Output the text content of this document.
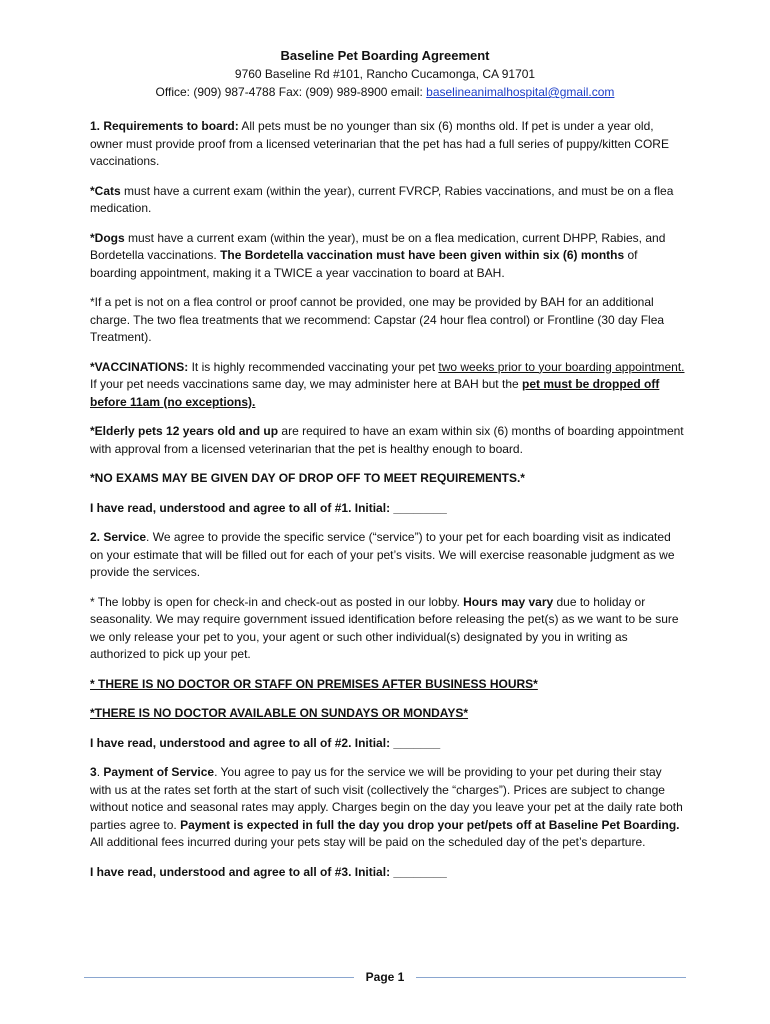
Baseline Pet Boarding Agreement
9760 Baseline Rd #101, Rancho Cucamonga, CA 91701
Office: (909) 987-4788 Fax: (909) 989-8900 email: baselineanimalhospital@gmail.com

1. Requirements to board: All pets must be no younger than six (6) months old. If pet is under a year old, owner must provide proof from a licensed veterinarian that the pet has had a full series of puppy/kitten CORE vaccinations.

*Cats must have a current exam (within the year), current FVRCP, Rabies vaccinations, and must be on a flea medication.

*Dogs must have a current exam (within the year), must be on a flea medication, current DHPP, Rabies, and Bordetella vaccinations. The Bordetella vaccination must have been given within six (6) months of boarding appointment, making it a TWICE a year vaccination to board at BAH.

*If a pet is not on a flea control or proof cannot be provided, one may be provided by BAH for an additional charge. The two flea treatments that we recommend: Capstar (24 hour flea control) or Frontline (30 day Flea Treatment).

*VACCINATIONS: It is highly recommended vaccinating your pet two weeks prior to your boarding appointment. If your pet needs vaccinations same day, we may administer here at BAH but the pet must be dropped off before 11am (no exceptions).

*Elderly pets 12 years old and up are required to have an exam within six (6) months of boarding appointment with approval from a licensed veterinarian that the pet is healthy enough to board.

*NO EXAMS MAY BE GIVEN DAY OF DROP OFF TO MEET REQUIREMENTS.*

I have read, understood and agree to all of #1. Initial: ________

2. Service. We agree to provide the specific service (“service”) to your pet for each boarding visit as indicated on your estimate that will be filled out for each of your pet’s visits. We will exercise reasonable judgment as we provide the services.

* The lobby is open for check-in and check-out as posted in our lobby. Hours may vary due to holiday or seasonality. We may require government issued identification before releasing the pet(s) as we want to be sure we only release your pet to you, your agent or such other individual(s) designated by you in writing as authorized to pick up your pet.

* THERE IS NO DOCTOR OR STAFF ON PREMISES AFTER BUSINESS HOURS*

*THERE IS NO DOCTOR AVAILABLE ON SUNDAYS OR MONDAYS*

I have read, understood and agree to all of #2. Initial: _______

3. Payment of Service. You agree to pay us for the service we will be providing to your pet during their stay with us at the rates set forth at the start of such visit (collectively the “charges”). Prices are subject to change without notice and seasonal rates may apply. Charges begin on the day you leave your pet at the daily rate both parties agree to. Payment is expected in full the day you drop your pet/pets off at Baseline Pet Boarding. All additional fees incurred during your pets stay will be paid on the scheduled day of the pet’s departure.

I have read, understood and agree to all of #3. Initial: ________

Page 1
